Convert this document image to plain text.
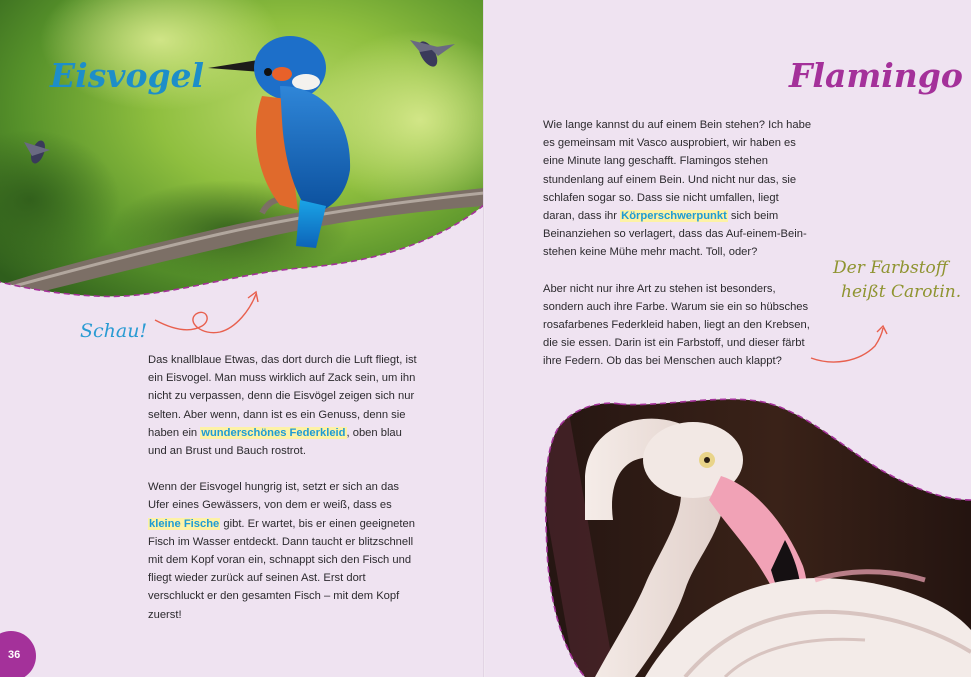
Eisvogel
Schau!

Das knallblaue Etwas, das dort durch die Luft fliegt, ist ein Eisvogel. Man muss wirklich auf Zack sein, um ihn nicht zu verpassen, denn die Eisvögel zeigen sich nur selten. Aber wenn, dann ist es ein Genuss, denn sie haben ein wunderschönes Federkleid, oben blau und an Brust und Bauch rostrot.

Wenn der Eisvogel hungrig ist, setzt er sich an das Ufer eines Gewässers, von dem er weiß, dass es kleine Fische gibt. Er wartet, bis er einen geeigneten Fisch im Wasser entdeckt. Dann taucht er blitzschnell mit dem Kopf voran ein, schnappt sich den Fisch und fliegt wieder zurück auf seinen Ast. Erst dort verschluckt er den gesamten Fisch – mit dem Kopf zuerst!

36
Flamingo

Wie lange kannst du auf einem Bein stehen? Ich habe es gemeinsam mit Vasco ausprobiert, wir haben es eine Minute lang geschafft. Flamingos stehen stundenlang auf einem Bein. Und nicht nur das, sie schlafen sogar so. Dass sie nicht umfallen, liegt daran, dass ihr Körperschwerpunkt sich beim Beinanziehen so verlagert, dass das Auf-einem-Bein-stehen keine Mühe mehr macht. Toll, oder?

Aber nicht nur ihre Art zu stehen ist besonders, sondern auch ihre Farbe. Warum sie ein so hübsches rosafarbenes Federkleid haben, liegt an den Krebsen, die sie essen. Darin ist ein Farbstoff, und dieser färbt ihre Federn. Ob das bei Menschen auch klappt?

Der Farbstoff
heißt Carotin.
